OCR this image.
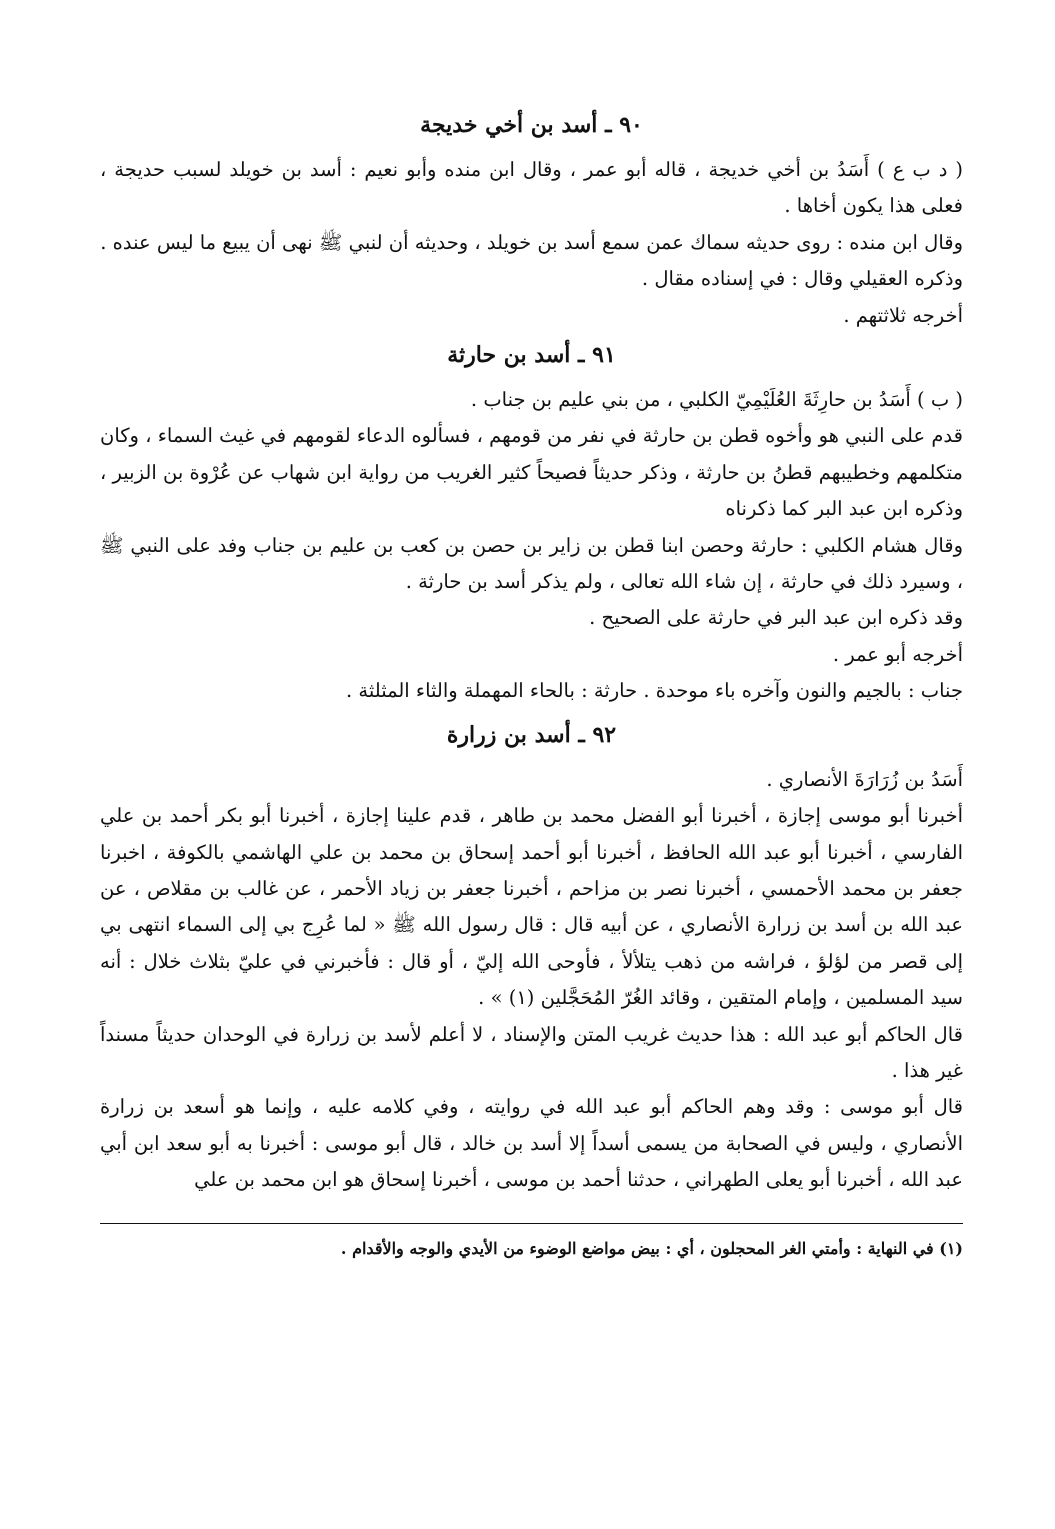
٩٠ ـ أسد بن أخي خديجة

( د ب ع ) أَسَدُ بن أخي خديجة ، قاله أبو عمر ، وقال ابن منده وأبو نعيم : أسد بن خويلد لسبب حديجة ، فعلى هذا يكون أخاها .

وقال ابن منده : روى حديثه سماك عمن سمع أسد بن خويلد ، وحديثه أن لنبي ﷺ نهى أن يبيع ما ليس عنده .

وذكره العقيلي وقال : في إسناده مقال .

أخرجه ثلاثتهم .

٩١ ـ أسد بن حارثة

( ب ) أَسَدُ بن حارِثَةَ العُلَيْمِيّ الكلبي ، من بني عليم بن جناب .

قدم على النبي هو وأخوه قطن بن حارثة في نفر من قومهم ، فسألوه الدعاء لقومهم في غيث السماء ، وكان متكلمهم وخطيبهم قطنُ بن حارثة ، وذكر حديثاً فصيحاً كثير الغريب من رواية ابن شهاب عن عُرْوة بن الزبير ، وذكره ابن عبد البر كما ذكرناه

وقال هشام الكلبي : حارثة وحصن ابنا قطن بن زاير بن حصن بن كعب بن عليم بن جناب وفد على النبي ﷺ ، وسيرد ذلك في حارثة ، إن شاء الله تعالى ، ولم يذكر أسد بن حارثة .

وقد ذكره ابن عبد البر في حارثة على الصحيح .

أخرجه أبو عمر .

جناب : بالجيم والنون وآخره باء موحدة . حارثة : بالحاء المهملة والثاء المثلثة .

٩٢ ـ أسد بن زرارة

أَسَدُ بن زُرَارَةَ الأنصاري .

أخبرنا أبو موسى إجازة ، أخبرنا أبو الفضل محمد بن طاهر ، قدم علينا إجازة ، أخبرنا أبو بكر أحمد بن علي الفارسي ، أخبرنا أبو عبد الله الحافظ ، أخبرنا أبو أحمد إسحاق بن محمد بن علي الهاشمي بالكوفة ، اخبرنا جعفر بن محمد الأحمسي ، أخبرنا نصر بن مزاحم ، أخبرنا جعفر بن زياد الأحمر ، عن غالب بن مقلاص ، عن عبد الله بن أسد بن زرارة الأنصاري ، عن أبيه قال : قال رسول الله ﷺ « لما عُرِج بي إلى السماء انتهى بي إلى قصر من لؤلؤ ، فراشه من ذهب يتلألأ ، فأوحى الله إليّ ، أو قال : فأخبرني في عليّ بثلاث خلال : أنه سيد المسلمين ، وإمام المتقين ، وقائد الغُرّ المُحَجَّلين (١) » .

قال الحاكم أبو عبد الله : هذا حديث غريب المتن والإسناد ، لا أعلم لأسد بن زرارة في الوحدان حديثاً مسنداً غير هذا .

قال أبو موسى : وقد وهم الحاكم أبو عبد الله في روايته ، وفي كلامه عليه ، وإنما هو أسعد بن زرارة الأنصاري ، وليس في الصحابة من يسمى أسداً إلا أسد بن خالد ، قال أبو موسى : أخبرنا به أبو سعد ابن أبي عبد الله ، أخبرنا أبو يعلى الطهراني ، حدثنا أحمد بن موسى ، أخبرنا إسحاق هو ابن محمد بن علي

(١) في النهاية : وأمتي الغر المحجلون ، أي : بيض مواضع الوضوء من الأيدي والوجه والأقدام .
